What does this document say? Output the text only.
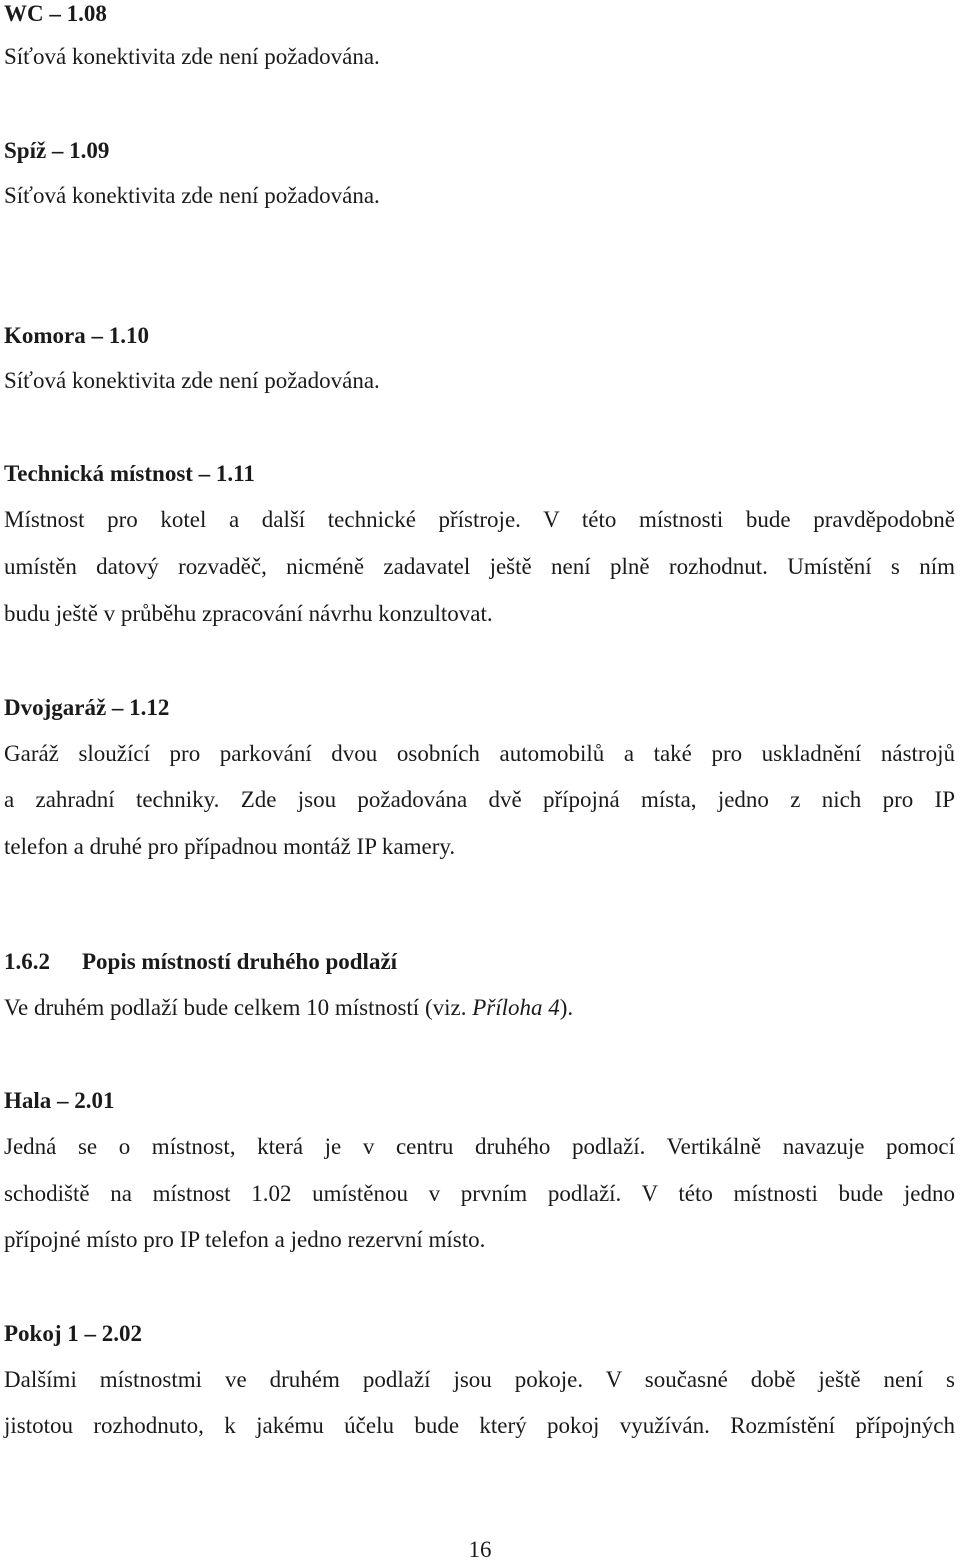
WC – 1.08
Síťová konektivita zde není požadována.
Spíž – 1.09
Síťová konektivita zde není požadována.
Komora – 1.10
Síťová konektivita zde není požadována.
Technická místnost – 1.11
Místnost pro kotel a další technické přístroje. V této místnosti bude pravděpodobně
umístěn datový rozvaděč, nicméně zadavatel ještě není plně rozhodnut. Umístění s ním
budu ještě v průběhu zpracování návrhu konzultovat.
Dvojgaráž – 1.12
Garáž sloužící pro parkování dvou osobních automobilů a také pro uskladnění nástrojů
a zahradní techniky. Zde jsou požadována dvě přípojná místa, jedno z nich pro IP
telefon a druhé pro případnou montáž IP kamery.
1.6.2 Popis místností druhého podlaží
Ve druhém podlaží bude celkem 10 místností (viz. Příloha 4).
Hala – 2.01
Jedná se o místnost, která je v centru druhého podlaží. Vertikálně navazuje pomocí
schodiště na místnost 1.02 umístěnou v prvním podlaží. V této místnosti bude jedno
přípojné místo pro IP telefon a jedno rezervní místo.
Pokoj 1 – 2.02
Dalšími místnostmi ve druhém podlaží jsou pokoje. V současné době ještě není s
jistotou rozhodnuto, k jakému účelu bude který pokoj využíván. Rozmístění přípojných
16
